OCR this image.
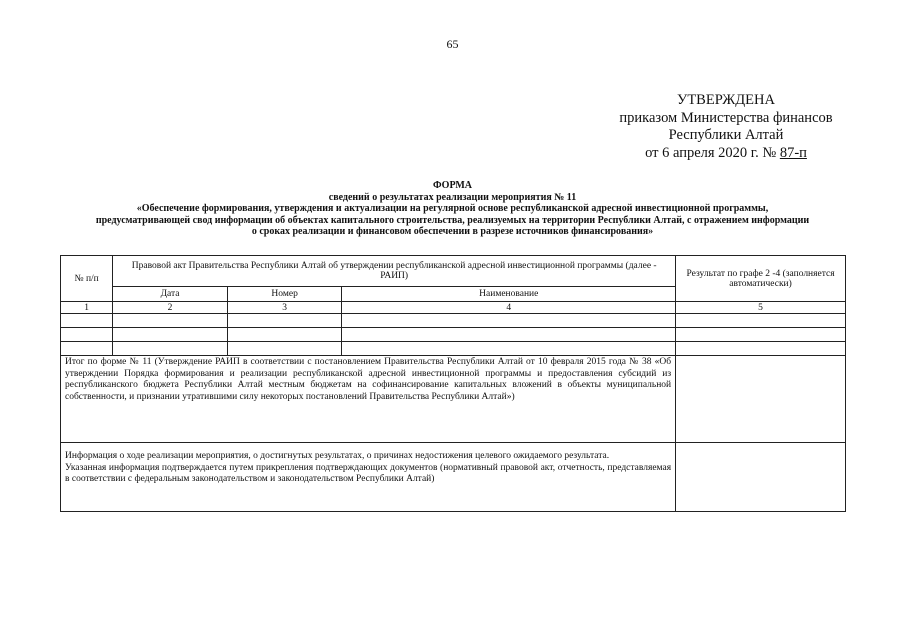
65
УТВЕРЖДЕНА
приказом Министерства финансов
Республики Алтай
от 6 апреля 2020 г. № 87-п
ФОРМА
сведений о результатах реализации мероприятия № 11
«Обеспечение формирования, утверждения и актуализации на регулярной основе республиканской адресной инвестиционной программы,
предусматривающей свод информации об объектах капитального строительства, реализуемых на территории Республики Алтай, с отражением информации
о сроках реализации и финансовом обеспечении в разрезе источников финансирования»
№ п/п	Правовой акт Правительства Республики Алтай об утверждении республиканской адресной инвестиционной программы (далее - РАИП)			Результат по графе 2 -4 (заполняется автоматически)
	Дата	Номер	Наименование	
1	2	3	4	5

Итог по форме № 11 (Утверждение РАИП в соответствии с постановлением Правительства Республики Алтай от 10 февраля 2015 года № 38 «Об утверждении Порядка формирования и реализации республиканской адресной инвестиционной программы и предоставления субсидий из республиканского бюджета Республики Алтай местным бюджетам на софинансирование капитальных вложений в объекты муниципальной собственности, и признании утратившими силу некоторых постановлений Правительства Республики Алтай»)				

Информация о ходе реализации мероприятия, о достигнутых результатах, о причинах недостижения целевого ожидаемого результата.
Указанная информация подтверждается путем прикрепления подтверждающих документов (нормативный правовой акт, отчетность, представляемая в соответствии с федеральным законодательством и законодательством Республики Алтай)				
